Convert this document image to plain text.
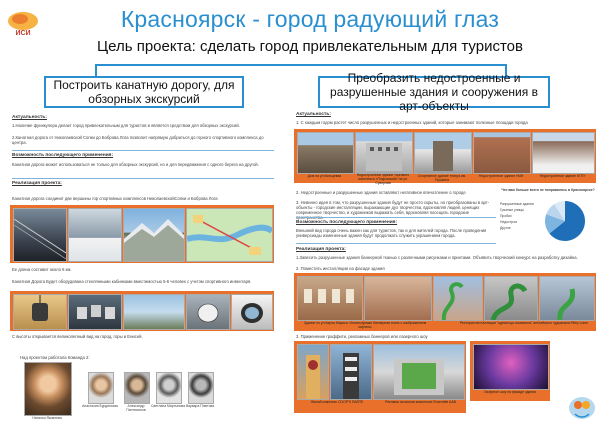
ИСИ
Красноярск - город радующий глаз
Цель проекта: сделать город привлекательным для туристов
Построить канатную дорогу, для обзорных экскурсий
Преобразить недостроенные и разрушенные здания и сооружения в арт-объекты
Актуальность:
1.Наличие фуникулера делает город привлекательным для туристов и является средством для обзорных экскурсий.
2.Канатная дорога от Николаевской Сопки до Боброва Лога позволит напрямую добраться до горного спортивного комплекса до центра.
Возможность последующего применения:
Канатная дорога может использоваться не только для обзорных экскурсий, но и для передвижения с одного берега на другой.
Реализация проекта:
Канатная дорога соединит две вершины гор спортивных комплексов НиколаевскойСопки и Боброва Лога
Ее длина составит около 6 км.
Канатная Дорога Будет оборудована стеклянными кабинками вместимостью 5-6 человек с учетом спортивного инвентаря.
С высоты открывается великолепный вид на город, горы и Енисей.
Над проектом работала Команда 2:
Наталья Яковлева
Анастасия Бурдинская	Александр Пантюхинов
Светлана Мартынова Варвара Пнютова
Актуальность:
1. С каждым годом растет число разрушенных и недостроенных зданий, которые занимают полезные площади города
Дом на ул.Кольцевая	Недостроенное здание торгового комплекса «Покровский» на ул. Суворова
Спортивное здание театра им. Пушкина
Недостроенное здание НИИ	Недостроенное здание КГПУ
2. Недостроенные и разрушенные здания оставляют негативное впечатление о городе
3. Невинно идея в том, что разрушенные здания будут не просто скрыты, но преобразованы в арт-объекты - городские инсталляции, выражающие дух творчества, вдохновляя людей, ценящих современное творчество, и художников выражать себя, вдохновляя посещать городские
Возможность последующего применения:
Внешний вид города очень важен как для туристов, так и для жителей города. После проведения универсиады измененные здания будут продолжать служить украшением города.
Что вам больше всего не понравилось в Красноярске?
Разрушенные здания
Грязные улицы
Пробки
Недострои
Другое
Реализация проекта:
1.Завесить разрушенные здания баннерной тканью с различными рисунками и принтами. Объявить творческий конкурс на разработку дизайна.
2. Поместить инсталляции на фасаде здания
Здание по ул.Карла Маркса. Используемая баннерная ткань с изображением картины
Ресторан инсталляция "щупальца осьминога" английского художника Filthy Luker
3. Применение граффити, рекламных баннеров или лазерного шоу
Жилой комплекс СООР'S ПАЙТЕ	Реклама на жилом комплексе Ensemble AAB
Лазерное шоу на фасаде здания
